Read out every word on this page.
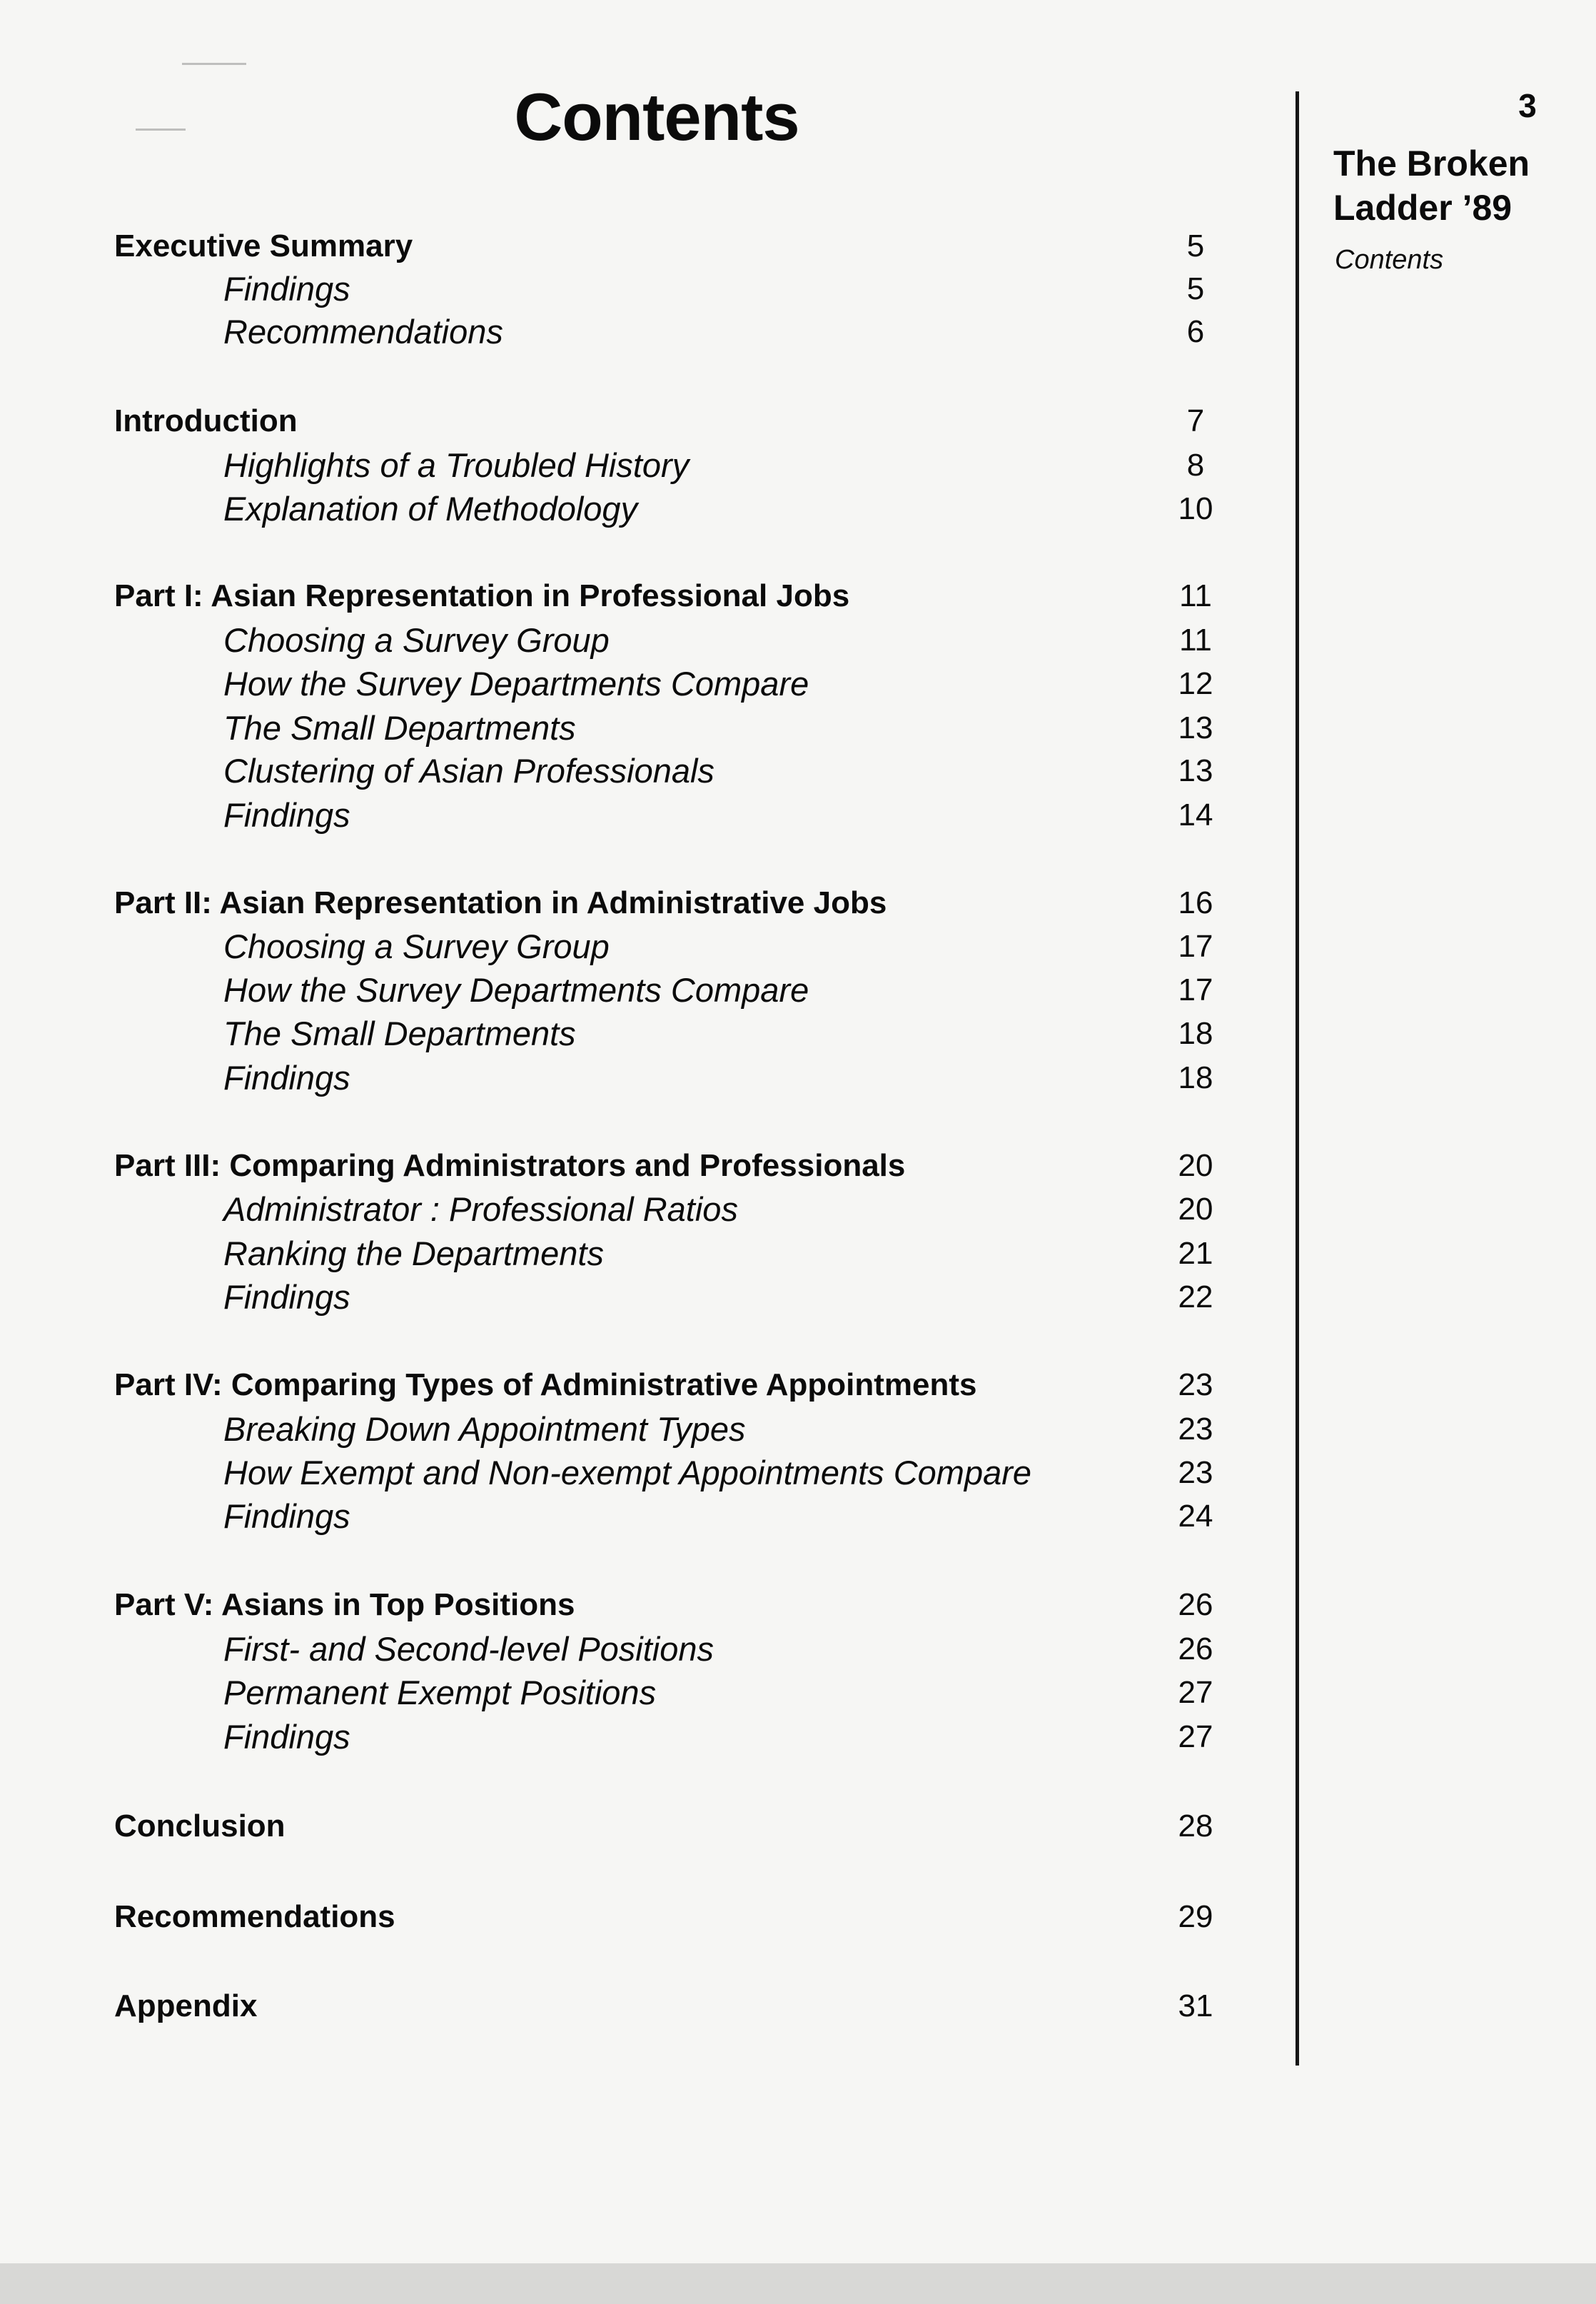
Contents	3
The Broken
Ladder ’89
Contents
Executive Summary	5
Findings	5
Recommendations	6
Introduction	7
Highlights of a Troubled History	8
Explanation of Methodology	10
Part I: Asian Representation in Professional Jobs	11
Choosing a Survey Group	11
How the Survey Departments Compare	12
The Small Departments	13
Clustering of Asian Professionals	13
Findings	14
Part II: Asian Representation in Administrative Jobs	16
Choosing a Survey Group	17
How the Survey Departments Compare	17
The Small Departments	18
Findings	18
Part III: Comparing Administrators and Professionals	20
Administrator : Professional Ratios	20
Ranking the Departments	21
Findings	22
Part IV: Comparing Types of Administrative Appointments	23
Breaking Down Appointment Types	23
How Exempt and Non-exempt Appointments Compare	23
Findings	24
Part V: Asians in Top Positions	26
First- and Second-level Positions	26
Permanent Exempt Positions	27
Findings	27
Conclusion	28
Recommendations	29
Appendix	31
